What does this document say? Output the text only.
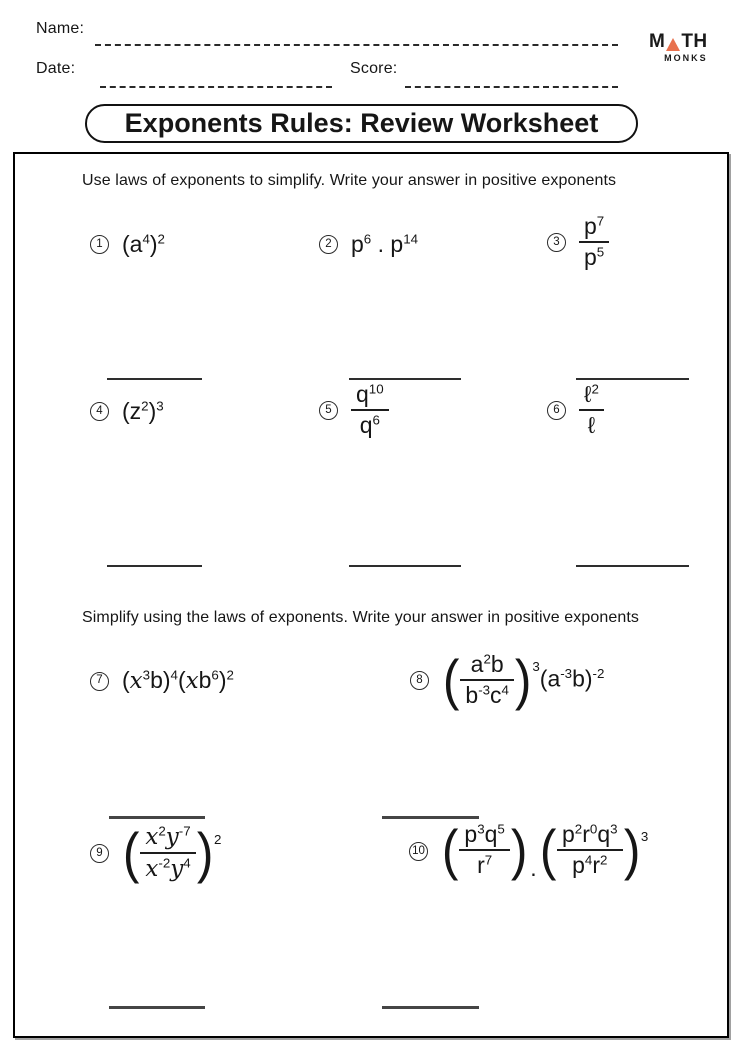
Name:
Date:	Score:
M TH
MONKS
Exponents Rules: Review Worksheet
Use laws of exponents to simplify. Write your answer in positive exponents
1 $(a^4)^2$	2 $p^6$ . $p^{14}$	$3 \frac{p^7}{p^5}$
4 $(z^2)^3$	$5 \frac{q^{10}}{q^6}$	$6 \frac{\ell^2}{\text{ℓ}}$
Simplify using the laws of exponents. Write your answer in positive exponents
7 $(x^3b)^4(xb^6)^2$	8 ( $\frac{a^2b}{b^{-3}c^4} )^3(a^{-3}b)^{-2}$
9 ( $\frac{x^2y^{-7}}{x^{-2}y^4} )^2$
10 ( $\frac{p^3q^5}{r^7}$ ) .( $\frac{p^2r^0q^3}{p^4r^2} )^3$
